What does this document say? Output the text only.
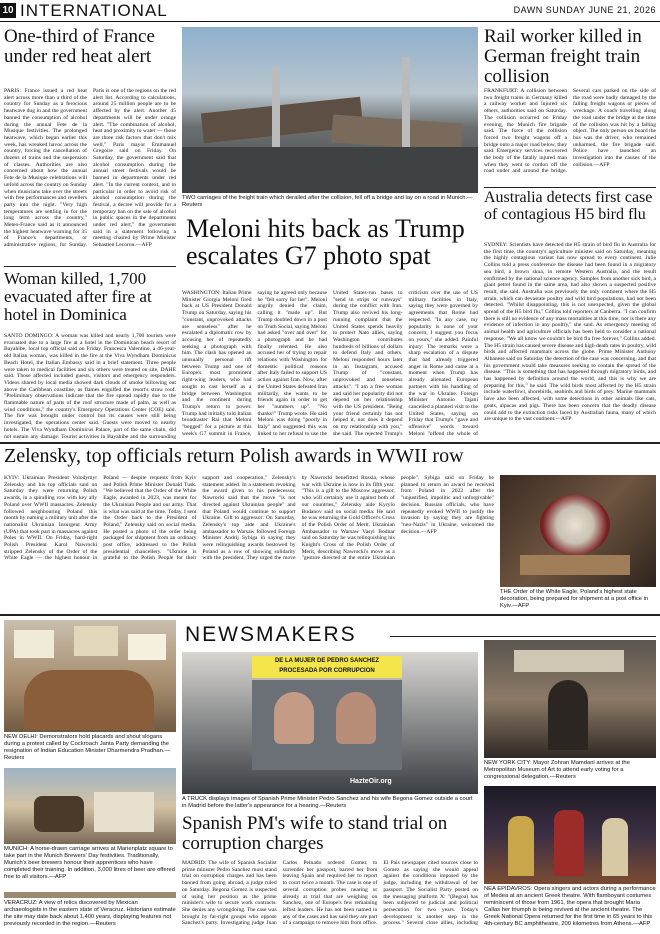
10 INTERNATIONAL	DAWN SUNDAY JUNE 21, 2026
One-third of France under red heat alert
PARIS: France issued a red heat alert across more than a third of the country for Sunday as a ferocious heatwave dug in and the government banned the consumption of alcohol during the annual Fete de la Musique festivities. The prolonged heatwave, which began earlier this week, has wreaked havoc across the country, forcing the cancellation of dozens of trains and the suspension of classes. Authorities are also concerned about how the annual Fete de la Musique celebrations will unfold across the country on Sunday when musicians take over the streets with free performances and revellers party into the night. "Very high temperatures are settling in for the long term across the country," Meteo-France said as it announced the highest heatwave warning for 35 of France's departments, or administrative regions, for Sunday. Paris is one of the regions on the red alert list. According to calculations, around 25 million people are to be affected by the alert. Another 45 departments will be under orange alert. "The combination of alcohol, heat and proximity to water — those are three risk factors that don't mix well," Paris mayor Emmanuel Gregoire said on Friday. On Saturday, the government said that alcohol consumption during the annual street festivals would be banned in departments under red alert. "In the current context, and in particular in order to avoid risk of alcohol consumption during the festival, a decree will provide for a temporary ban on the sale of alcohol in public spaces in the departments under red alert," the government said in a statement following a meeting chaired by Prime Minister Sebastien Lecornu.—AFP
Woman killed, 1,700 evacuated after fire at hotel in Dominica
SANTO DOMINGO: A woman was killed and nearly 1,700 tourists were evacuated due to a large fire at a hotel in the Dominican beach resort of Bayahibe, local top official said on Friday. Francesca Valentino, a 46-year-old Italian woman, was killed in the fire at the Viva Wyndham Dominicus Beach Hotel, the Italian Embassy said in a brief statement. Three people were taken to medical facilities and six others were treated on site, DAHE said. Those affected included guests, visitors and emergency responders. Videos shared by local media showed dark clouds of smoke billowing out above the Caribbean coastline, as flames engulfed the resort's straw roof. "Preliminary observations indicate that the fire spread rapidly due to the flammable nature of parts of the roof structure made of palm, as well as wind conditions," the country's Emergency Operations Center (COE) said. The fire was brought under control but its causes were still being investigated, the operations center said. Guests were moved to nearby hotels. The Viva Wyndham Dominicus Palace, part of the same chain, did not sustain any damage. Tourist activities in Bayahibe and the surrounding
TWO carriages of the freight train which derailed after the collision, fell off a bridge and lay on a road in Munich.—Reuters
Meloni hits back as Trump escalates G7 photo spat
WASHINGTON: Italian Prime Minister Giorgia Meloni fired back at US President Donald Trump on Saturday, saying his "constant, unprovoked attacks are senseless" after he escalated a diplomatic row by accusing her of repeatedly seeking a photograph with him. The clash has opened an unusually personal rift between Trump and one of Europe's most prominent right-wing leaders, who had sought to cast herself as a bridge between Washington and the continent during Trump's return to power. Trump had initially told Italian broadcaster Rai that Meloni "begged" for a picture at this week's G7 summit in France, saying he agreed only because he "felt sorry for her". Meloni angrily denied the claim, calling it "made up". But Trump doubled down in a post on Truth Social, saying Meloni had asked "over and over" for a photograph and he had finally relented. He also accused her of trying to repair relations with Washington for domestic political reasons after Italy failed to support US action against Iran. Now, after the United States defeated Iran militarily, she wants to be friends again in order to get her "numbers up". "No thanks!" Trump wrote. He said Meloni was doing "poorly in Italy" and suggested this was linked to her refusal to use the United States-run bases to "send in strips or runways" during the conflict with Iran. Trump also revived his long-running complaint that the United States spends heavily to protect Nato allies, saying Washington contributes hundreds of billions of dollars to defend Italy and others. Meloni responded hours later in an Instagram, accused Trump of "constant, unprovoked and senseless attacks". "I am a free woman and said her popularity did not depend on her relationship with the US president. "Being your friend certainly has not helped it, nor does it depend on my relationship with you," she said. The rejected Trump's criticism over the use of US military facilities in Italy, saying they were governed by agreements that Rome had respected. "In any case, my popularity is none of your concern, I suggest you focus on yours," she added. Painful injury: The remarks were a sharp escalation of a dispute that had already triggered anger in Rome and came at a moment when Trump has already alienated European partners with his handling of the war in Ukraine. Foreign Minister Antonio Tajani cancelled a planned visit to the United States, saying on Friday that Trump's "gave and offensive" words toward Meloni "offend the whole of
Rail worker killed in German freight train collision
FRANKFURT: A collision between two freight trains in Germany killed a railway worker and injured six others, authorities said on Saturday. The collision occurred on Friday evening, the Munich fire brigade said. The force of the collision forced two freight wagons off a bridge onto a major road below, they said. Emergency services recovered the body of the fatally injured man when they went to cordon off the road under and around the bridge. Several cars parked on the side of the road were badly damaged by the falling freight wagons or pieces of wreckage. A coach travelling along the road under the bridge at the time of the collision was hit by a falling object. The only person on board the bus was the driver, who remained unharmed, the fire brigade said. Police have launched an investigation into the causes of the collision.—AFP
Australia detects first case of contagious H5 bird flu
SYDNEY: Scientists have detected the H5 strain of bird flu in Australia for the first time, the country's agriculture minister said on Saturday, meaning the highly contagious variant has now spread to every continent. Julie Collins told a press conference the disease had been found in a migratory sea bird, a brown skua, in remote Western Australia, and the result confirmed by the national science agency. Samples from another sick bird, a giant petrel found in the same area, had also shown a suspected positive result, she said. Australia was previously the only continent where the H5 strain, which can devastate poultry and wild bird populations, had not been detected. "Whilst disappointing, this is not unexpected, given the global spread of the H5 bird flu," Collins told reporters at Canberra. "I can confirm there is still no evidence of any mass mortalities at this time, nor is there any evidence of infection in any poultry," she said. As emergency meeting of animal health and agriculture officials has been held to consider a national response. "We all know we couldn't be bird flu free forever," Collins added. The H5 strain has caused severe disease and high death rates in poultry, wild birds and affected mammals across the globe. Prime Minister Anthony Albanese said on Saturday the detection of the case was concerning, and that his government would take measures seeking to contain the spread of the disease. "This is something that has happened through migratory birds, and has happened by definition around the world, and this is why we are preparing for this," he said. The wild birds most affected by the H5 strain include waterfowl, shorebirds, seabirds and birds of prey. Marine mammals have also been affected, with some detections in other animals like cats, goats, alpacas and pigs. There has been concern that the deadly disease could add to the extinction risks faced by Australian fauna, many of which are unique to the vast continent.—AFP
Zelensky, top officials return Polish awards in WWII row
KYIV: Ukrainian President Volodymyr Zelensky and his top officials said on Saturday they were returning Polish awards, in a spiralling row with key ally Poland over WWII massacres. Zelensky followed neighbouring Poland this month by naming a military unit after the nationalist Ukrainian Insurgent Army (UPA) that took part in massacres against Poles in WWII. On Friday, hard-right Polish President Karol Nawrocki stripped Zelensky of the Order of the White Eagle — the highest honour in Poland — despite requests from Kyiv and Polish Prime Minister Donald Tusk. "We believed that the Order of the White Eagle, awarded in 2023, was meant for the Ukrainian People and our army. That is what was said at the time. Today, I sent the Order back to the President of Poland," Zelensky said on social media. He posted a photo of the order being packaged for shipment from an ordinary post office, addressed to the Polish presidential chancellery. "Ukraine is grateful to the Polish People for their support and cooperation," Zelensky's statement added. In a statement revoking the award given to his predecessor, Nawrocki said that the move "is not directed against Ukrainian people" and that Poland would continue to support Ukraine. Gift to aggressor: On Saturday, Zelensky's top aide and Ukraine's ambassador to Warsaw followed Foreign Minister Andrij Sybiga in saying they were relinquishing awards bestowed by Poland as a row of showing solidarity with the president. They urged the move by Nawrocki benefitted Russia, whose war with Ukraine is now in its fifth year. "This is a gift to the Moscow aggressor, who will certainly use it against both of our countries," Zelensky aide Kyrylo Budanov said on social media. He said he was returning the Gold Officer's Cross of the Polish Order of Merit. Ukrainian Ambassador to Warsaw Vasyl Bodnar said on Saturday he was relinquishing his Knight's Cross of the Polish Order of Merit, describing Nawrocki's move as a "gesture directed at the entire Ukrainian people". Sybiga said on Friday he planned to return an award he received from Poland in 2022 after the "unjustified, impolitic and unforgivable" decision. Russian officials, who have repeatedly evoked WWII to justify the invasion by saying they are fighting "neo-Nazis" in Ukraine, welcomed the decision.—AFP
THE Order of the White Eagle, Poland's highest state decoration, being prepared for shipment at a post office in Kyiv.—AFP
NEWSMAKERS
NEW DELHI: Demonstrators hold placards and shout slogans during a protest called by Cockroach Janta Party demanding the resignation of Indian Education Minister Dharmendra Pradhan.—Reuters
MUNICH: A horse-drawn carriage arrives at Marienplatz square to take part in the Munich Brewers' Day festivities. Traditionally, Munich's beer brewers honour their apprentices who have completed their training. In addition, 3,000 litres of beer are offered free to all visitors.—AFP
VERACRUZ: A view of relics discovered by Mexican archaeologists in the eastern state of Veracruz. Historians estimate the site may date back about 1,400 years, displaying features not previously recorded in the region.—Reuters
DE LA MUJER DE PEDRO SANCHEZ
PROCESADA POR CORRUPCION
HazteOir.org
A TRUCK displays images of Spanish Prime Minister Pedro Sanchez and his wife Begona Gomez outside a court in Madrid before the latter's appearance for a hearing.—Reuters
Spanish PM's wife to stand trial on corruption charges
MADRID: The wife of Spanish Socialist prime minister Pedro Sanchez must stand trial on corruption charges and has been banned from going abroad, a judge ruled on Saturday. Begona Gomez is suspected of using her position as the prime minister's wife to secure work contracts. She denies any wrongdoing. The case was brought by far-right groups who oppose Sanchez's party. Investigating judge Juan Carlos Peinado ordered Gomez to surrender her passport, barred her from leaving Spain and required her to report to court twice a month. The case is one of several corruption probes nearing or already at trial that are weighing on Sanchez, one of Europe's few remaining leftist leaders. He has not been named in any of the cases and has said they are part of a campaign to remove him from office. El Pais newspaper cited sources close to Gomez as saying she would appeal against the conditions imposed by the judge, including the withdrawal of her passport. The Socialist Party posted on the messaging platform X: "(Begoa) has been subjected to judicial and political persecution for two years. Today's development is another step in the process." Several close allies, including
NEW YORK CITY: Mayor Zohran Mamdani arrives at the Metropolitan Museum of Art to attend early voting for a congressional delegation.—Reuters
NEA EPIDAVROS: Opera singers and actors during a performance of Medea at an ancient Greek theatre. With flamboyant costumes reminiscent of those from 1961, the opera that brought Maria Callas her triumph is being revived at the ancient theatre. The Greek National Opera returned for the first time in 65 years to this 4th-century BC amphitheatre, 200 kilometres from Athens.—AFP
